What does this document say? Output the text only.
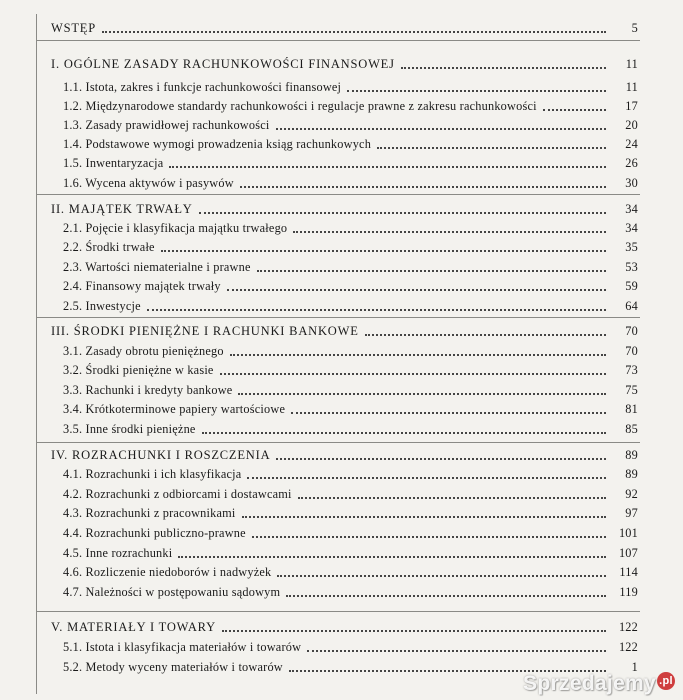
WSTĘP	5
I. OGÓLNE ZASADY RACHUNKOWOŚCI FINANSOWEJ	11
1.1. Istota, zakres i funkcje rachunkowości finansowej	11
1.2. Międzynarodowe standardy rachunkowości i regulacje prawne z zakresu rachunkowości	17
1.3. Zasady prawidłowej rachunkowości	20
1.4. Podstawowe wymogi prowadzenia ksiąg rachunkowych	24
1.5. Inwentaryzacja	26
1.6. Wycena aktywów i pasywów	30
II. MAJĄTEK TRWAŁY	34
2.1. Pojęcie i klasyfikacja majątku trwałego	34
2.2. Środki trwałe	35
2.3. Wartości niematerialne i prawne	53
2.4. Finansowy majątek trwały	59
2.5. Inwestycje	64
III. ŚRODKI PIENIĘŻNE I RACHUNKI BANKOWE	70
3.1. Zasady obrotu pieniężnego	70
3.2. Środki pieniężne w kasie	73
3.3. Rachunki i kredyty bankowe	75
3.4. Krótkoterminowe papiery wartościowe	81
3.5. Inne środki pieniężne	85
IV. ROZRACHUNKI I ROSZCZENIA	89
4.1. Rozrachunki i ich klasyfikacja	89
4.2. Rozrachunki z odbiorcami i dostawcami	92
4.3. Rozrachunki z pracownikami	97
4.4. Rozrachunki publiczno-prawne	101
4.5. Inne rozrachunki	107
4.6. Rozliczenie niedoborów i nadwyżek	114
4.7. Należności w postępowaniu sądowym	119
V. MATERIAŁY I TOWARY	122
5.1. Istota i klasyfikacja materiałów i towarów	122
5.2. Metody wyceny materiałów i towarów	1
Sprzedajemy .pl
